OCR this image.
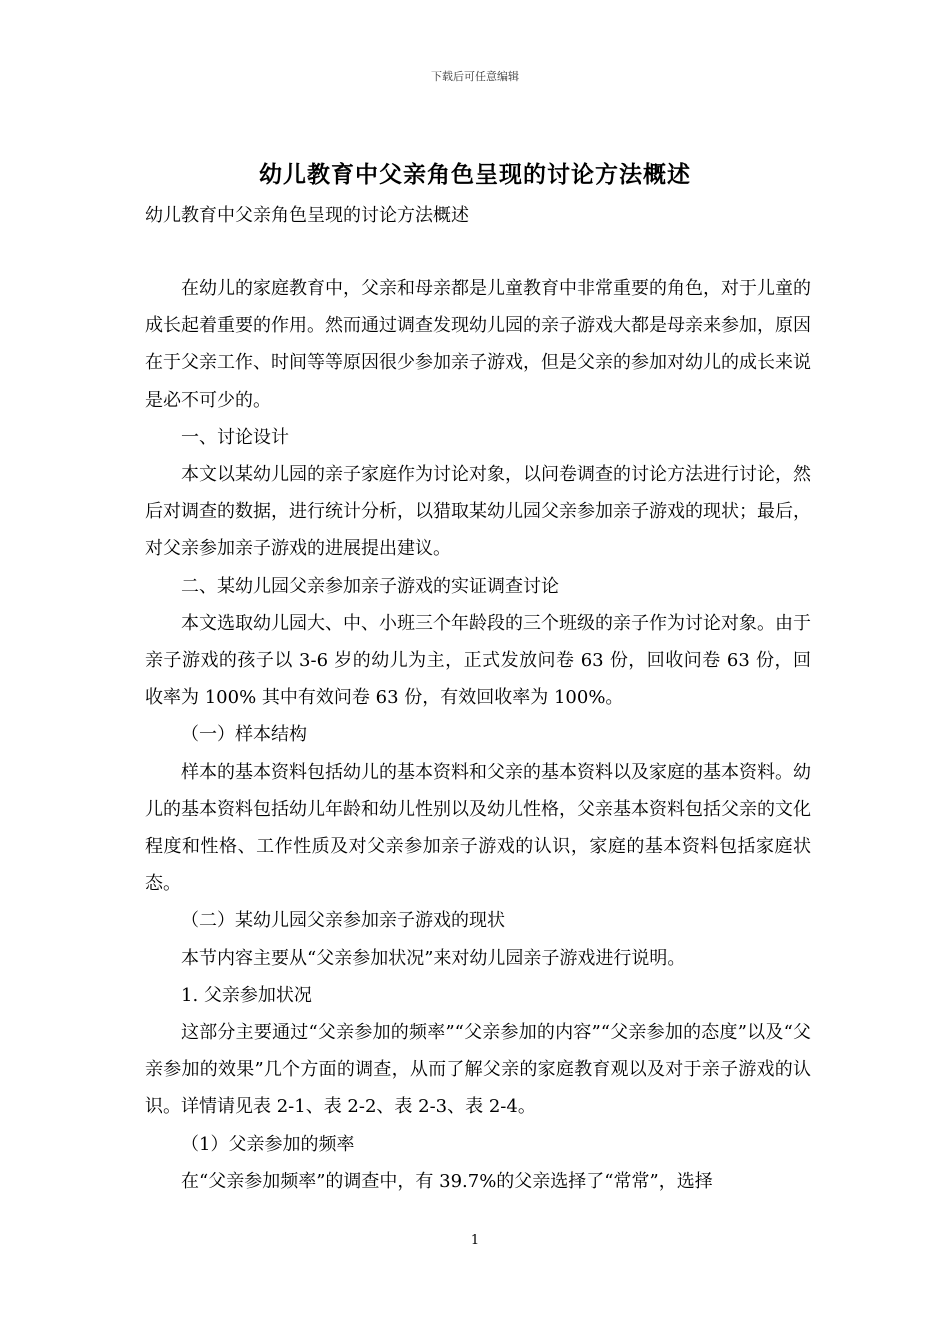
下载后可任意编辑
幼儿教育中父亲角色呈现的讨论方法概述
幼儿教育中父亲角色呈现的讨论方法概述

在幼儿的家庭教育中，父亲和母亲都是儿童教育中非常重要的角色，对于儿童的成长起着重要的作用。然而通过调查发现幼儿园的亲子游戏大都是母亲来参加，原因在于父亲工作、时间等等原因很少参加亲子游戏，但是父亲的参加对幼儿的成长来说是必不可少的。

一、讨论设计

本文以某幼儿园的亲子家庭作为讨论对象，以问卷调查的讨论方法进行讨论，然后对调查的数据，进行统计分析，以猎取某幼儿园父亲参加亲子游戏的现状；最后，对父亲参加亲子游戏的进展提出建议。

二、某幼儿园父亲参加亲子游戏的实证调查讨论

本文选取幼儿园大、中、小班三个年龄段的三个班级的亲子作为讨论对象。由于亲子游戏的孩子以 3-6 岁的幼儿为主，正式发放问卷 63 份，回收问卷 63 份，回收率为 100% 其中有效问卷 63 份，有效回收率为 100%。

（一）样本结构

样本的基本资料包括幼儿的基本资料和父亲的基本资料以及家庭的基本资料。幼儿的基本资料包括幼儿年龄和幼儿性别以及幼儿性格，父亲基本资料包括父亲的文化程度和性格、工作性质及对父亲参加亲子游戏的认识，家庭的基本资料包括家庭状态。

（二）某幼儿园父亲参加亲子游戏的现状

本节内容主要从“父亲参加状况”来对幼儿园亲子游戏进行说明。

1. 父亲参加状况

这部分主要通过“父亲参加的频率”“父亲参加的内容”“父亲参加的态度”以及“父亲参加的效果”几个方面的调查，从而了解父亲的家庭教育观以及对于亲子游戏的认识。详情请见表 2-1、表 2-2、表 2-3、表 2-4。

（1）父亲参加的频率

在“父亲参加频率”的调查中，有 39.7%的父亲选择了“常常”，选择

1
